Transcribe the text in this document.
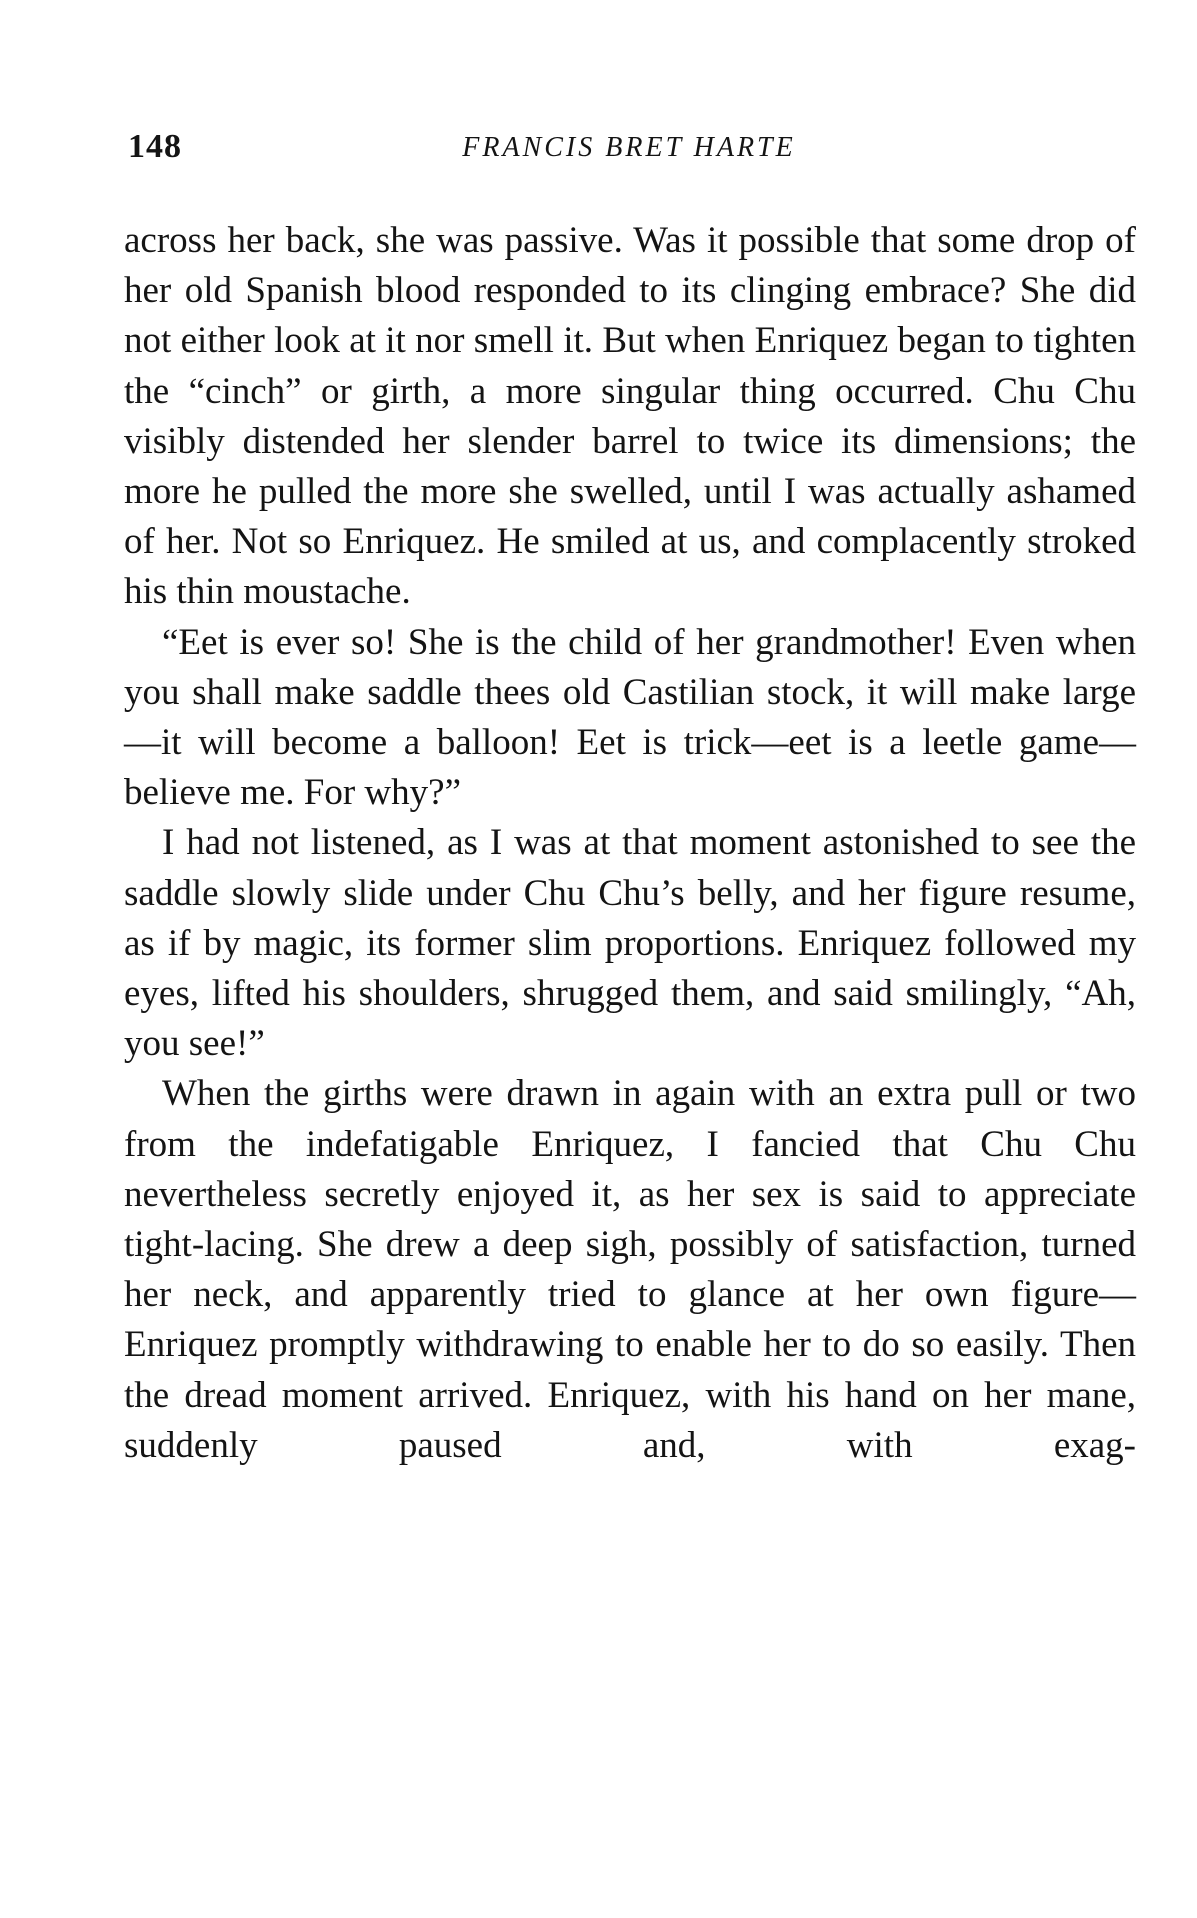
148	FRANCIS BRET HARTE

across her back, she was passive. Was it possible that some drop of her old Spanish blood responded to its clinging embrace? She did not either look at it nor smell it. But when Enriquez began to tighten the “cinch” or girth, a more singular thing occurred. Chu Chu visibly distended her slender barrel to twice its dimensions; the more he pulled the more she swelled, until I was actually ashamed of her. Not so Enriquez. He smiled at us, and complacently stroked his thin moustache.

“Eet is ever so! She is the child of her grandmother! Even when you shall make saddle thees old Castilian stock, it will make large—it will become a balloon! Eet is trick—eet is a leetle game—believe me. For why?”

I had not listened, as I was at that moment astonished to see the saddle slowly slide under Chu Chu’s belly, and her figure resume, as if by magic, its former slim proportions. Enriquez followed my eyes, lifted his shoulders, shrugged them, and said smilingly, “Ah, you see!”

When the girths were drawn in again with an extra pull or two from the indefatigable Enriquez, I fancied that Chu Chu nevertheless secretly enjoyed it, as her sex is said to appreciate tight-lacing. She drew a deep sigh, possibly of satisfaction, turned her neck, and apparently tried to glance at her own figure—Enriquez promptly withdrawing to enable her to do so easily. Then the dread moment arrived. Enriquez, with his hand on her mane, suddenly paused and, with exag-
